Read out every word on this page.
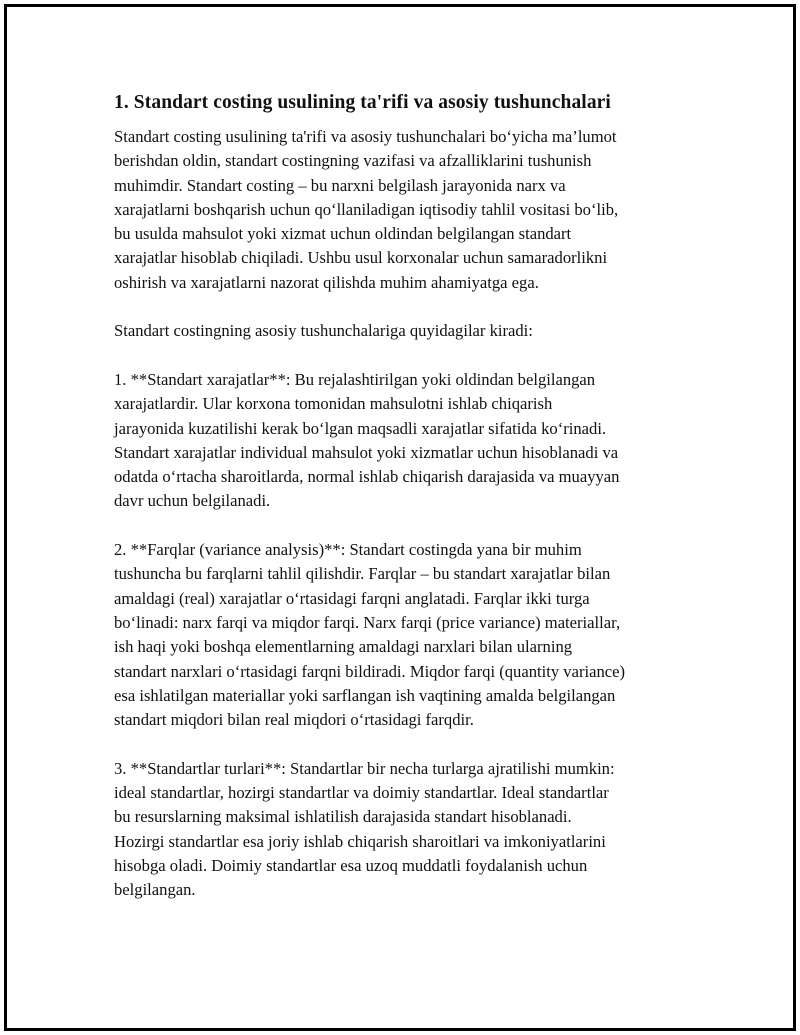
1. Standart costing usulining ta'rifi va asosiy tushunchalari

Standart costing usulining ta'rifi va asosiy tushunchalari bo‘yicha ma’lumot
berishdan oldin, standart costingning vazifasi va afzalliklarini tushunish
muhimdir. Standart costing – bu narxni belgilash jarayonida narx va
xarajatlarni boshqarish uchun qo‘llaniladigan iqtisodiy tahlil vositasi bo‘lib,
bu usulda mahsulot yoki xizmat uchun oldindan belgilangan standart
xarajatlar hisoblab chiqiladi. Ushbu usul korxonalar uchun samaradorlikni
oshirish va xarajatlarni nazorat qilishda muhim ahamiyatga ega.

Standart costingning asosiy tushunchalariga quyidagilar kiradi:

1. **Standart xarajatlar**: Bu rejalashtirilgan yoki oldindan belgilangan
xarajatlardir. Ular korxona tomonidan mahsulotni ishlab chiqarish
jarayonida kuzatilishi kerak bo‘lgan maqsadli xarajatlar sifatida ko‘rinadi.
Standart xarajatlar individual mahsulot yoki xizmatlar uchun hisoblanadi va
odatda o‘rtacha sharoitlarda, normal ishlab chiqarish darajasida va muayyan
davr uchun belgilanadi.

2. **Farqlar (variance analysis)**: Standart costingda yana bir muhim
tushuncha bu farqlarni tahlil qilishdir. Farqlar – bu standart xarajatlar bilan
amaldagi (real) xarajatlar o‘rtasidagi farqni anglatadi. Farqlar ikki turga
bo‘linadi: narx farqi va miqdor farqi. Narx farqi (price variance) materiallar,
ish haqi yoki boshqa elementlarning amaldagi narxlari bilan ularning
standart narxlari o‘rtasidagi farqni bildiradi. Miqdor farqi (quantity variance)
esa ishlatilgan materiallar yoki sarflangan ish vaqtining amalda belgilangan
standart miqdori bilan real miqdori o‘rtasidagi farqdir.

3. **Standartlar turlari**: Standartlar bir necha turlarga ajratilishi mumkin:
ideal standartlar, hozirgi standartlar va doimiy standartlar. Ideal standartlar
bu resurslarning maksimal ishlatilish darajasida standart hisoblanadi.
Hozirgi standartlar esa joriy ishlab chiqarish sharoitlari va imkoniyatlarini
hisobga oladi. Doimiy standartlar esa uzoq muddatli foydalanish uchun
belgilangan.
